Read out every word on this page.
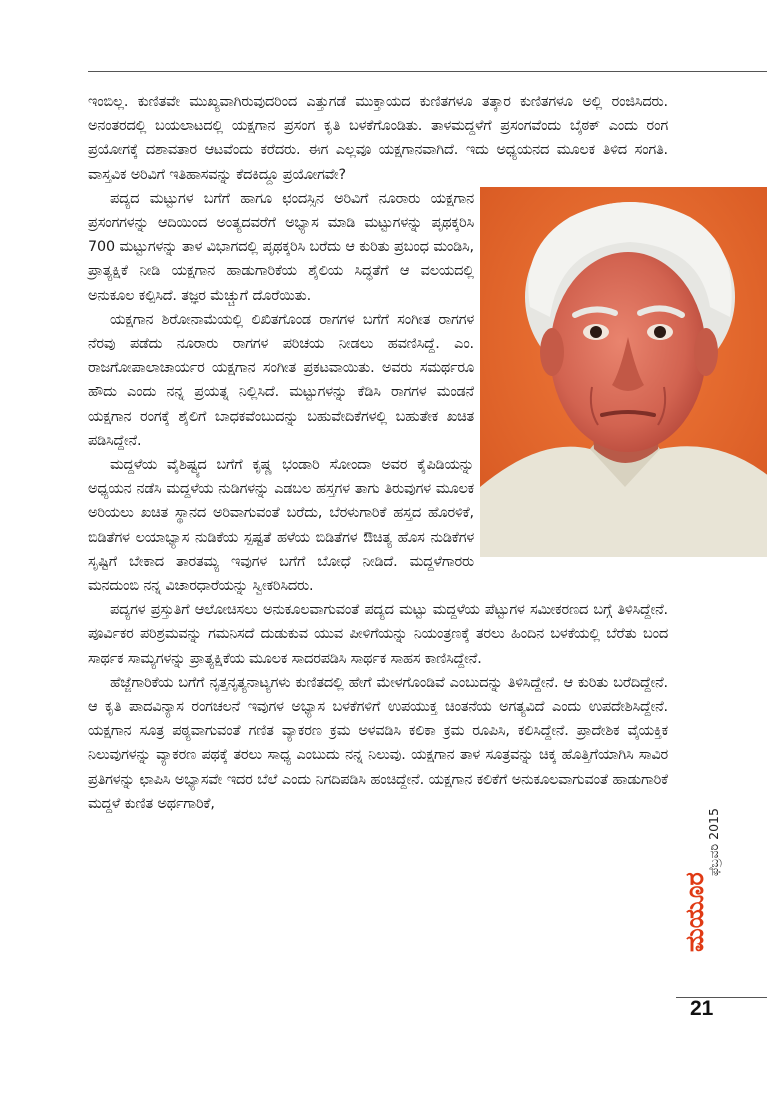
ಇಂಬಿಲ್ಲ. ಕುಣಿತವೇ ಮುಖ್ಯವಾಗಿರುವುದರಿಂದ ಎತ್ತುಗಡೆ ಮುಕ್ತಾಯದ ಕುಣಿತಗಳೂ ತತ್ಕಾರ ಕುಣಿತಗಳೂ ಅಲ್ಲಿ ರಂಜಿಸಿದರು. ಅನಂತರದಲ್ಲಿ ಬಯಲಾಟದಲ್ಲಿ ಯಕ್ಷಗಾನ ಪ್ರಸಂಗ ಕೃತಿ ಬಳಕೆಗೊಂಡಿತು. ತಾಳಮದ್ದಳೆಗೆ ಪ್ರಸಂಗವೆಂದು ಬೈಠಕ್ ಎಂದು ರಂಗ ಪ್ರಯೋಗಕ್ಕೆ ದಶಾವತಾರ ಆಟವೆಂದು ಕರೆದರು. ಈಗ ಎಲ್ಲವೂ ಯಕ್ಷಗಾನವಾಗಿದೆ. ಇದು ಅಧ್ಯಯನದ ಮೂಲಕ ತಿಳಿದ ಸಂಗತಿ. ವಾಸ್ತವಿಕ ಅರಿವಿಗೆ ಇತಿಹಾಸವನ್ನು ಕೆದಕಿದ್ದೂ ಪ್ರಯೋಗವೇ?

ಪದ್ಯದ ಮಟ್ಟುಗಳ ಬಗೆಗೆ ಹಾಗೂ ಛಂದಸ್ಸಿನ ಅರಿವಿಗೆ ನೂರಾರು ಯಕ್ಷಗಾನ ಪ್ರಸಂಗಗಳನ್ನು ಆದಿಯಿಂದ ಅಂತ್ಯದವರೆಗೆ ಅಭ್ಯಾಸ ಮಾಡಿ ಮಟ್ಟುಗಳನ್ನು ಪೃಥಕ್ಕರಿಸಿ 700 ಮಟ್ಟುಗಳನ್ನು ತಾಳ ವಿಭಾಗದಲ್ಲಿ ಪೃಥಕ್ಕರಿಸಿ ಬರೆದು ಆ ಕುರಿತು ಪ್ರಬಂಧ ಮಂಡಿಸಿ, ಪ್ರಾತ್ಯಕ್ಷಿಕೆ ನೀಡಿ ಯಕ್ಷಗಾನ ಹಾಡುಗಾರಿಕೆಯ ಶೈಲಿಯ ಸಿದ್ಧತೆಗೆ ಆ ವಲಯದಲ್ಲಿ ಅನುಕೂಲ ಕಲ್ಪಿಸಿದೆ. ತಜ್ಞರ ಮೆಚ್ಚುಗೆ ದೊರೆಯಿತು.

ಯಕ್ಷಗಾನ ಶಿರೋನಾಮೆಯಲ್ಲಿ ಲಿಖಿತಗೊಂಡ ರಾಗಗಳ ಬಗೆಗೆ ಸಂಗೀತ ರಾಗಗಳ ನೆರವು ಪಡೆದು ನೂರಾರು ರಾಗಗಳ ಪರಿಚಯ ನೀಡಲು ಹವಣಿಸಿದ್ದೆ. ಎಂ. ರಾಜಗೋಪಾಲಾಚಾರ್ಯರ ಯಕ್ಷಗಾನ ಸಂಗೀತ ಪ್ರಕಟವಾಯಿತು. ಅವರು ಸಮರ್ಥರೂ ಹೌದು ಎಂದು ನನ್ನ ಪ್ರಯತ್ನ ನಿಲ್ಲಿಸಿದೆ. ಮಟ್ಟುಗಳನ್ನು ಕೆಡಿಸಿ ರಾಗಗಳ ಮಂಡನೆ ಯಕ್ಷಗಾನ ರಂಗಕ್ಕೆ ಶೈಲಿಗೆ ಬಾಧಕವೆಂಬುದನ್ನು ಬಹುವೇದಿಕೆಗಳಲ್ಲಿ ಬಹುತೇಕ ಖಚಿತ ಪಡಿಸಿದ್ದೇನೆ.

ಮದ್ದಳೆಯ ವೈಶಿಷ್ಟ್ಯದ ಬಗೆಗೆ ಕೃಷ್ಣ ಭಂಡಾರಿ ಸೋಂದಾ ಅವರ ಕೈಪಿಡಿಯನ್ನು ಅಧ್ಯಯನ ನಡೆಸಿ ಮದ್ದಳೆಯ ನುಡಿಗಳನ್ನು ಎಡಬಲ ಹಸ್ತಗಳ ತಾಗು ತಿರುವುಗಳ ಮೂಲಕ ಅರಿಯಲು ಖಚಿತ ಸ್ಥಾನದ ಅರಿವಾಗುವಂತೆ ಬರೆದು, ಬೆರಳುಗಾರಿಕೆ ಹಸ್ತದ ಹೊರಳಿಕೆ, ಬಿಡಿತೆಗಳ ಲಯಾಭ್ಯಾಸ ನುಡಿಕೆಯ ಸ್ಪಷ್ಟತೆ ಹಳೆಯ ಬಿಡಿತೆಗಳ ಔಚಿತ್ಯ ಹೊಸ ನುಡಿಕೆಗಳ ಸೃಷ್ಟಿಗೆ ಬೇಕಾದ ತಾರತಮ್ಯ ಇವುಗಳ ಬಗೆಗೆ ಬೋಧೆ ನೀಡಿದೆ. ಮದ್ದಳೆಗಾರರು ಮನದುಂಬಿ ನನ್ನ ವಿಚಾರಧಾರೆಯನ್ನು ಸ್ವೀಕರಿಸಿದರು.

ಪದ್ಯಗಳ ಪ್ರಸ್ತುತಿಗೆ ಆಲೋಚಿಸಲು ಅನುಕೂಲವಾಗುವಂತೆ ಪದ್ಯದ ಮಟ್ಟು ಮದ್ದಳೆಯ ಪೆಟ್ಟುಗಳ ಸಮೀಕರಣದ ಬಗ್ಗೆ ತಿಳಿಸಿದ್ದೇನೆ. ಪೂರ್ವಿಕರ ಪರಿಶ್ರಮವನ್ನು ಗಮನಿಸದೆ ದುಡುಕುವ ಯುವ ಪೀಳಿಗೆಯನ್ನು ನಿಯಂತ್ರಣಕ್ಕೆ ತರಲು ಹಿಂದಿನ ಬಳಕೆಯಲ್ಲಿ ಬೆರೆತು ಬಂದ ಸಾರ್ಥಕ ಸಾಮ್ಯಗಳನ್ನು ಪ್ರಾತ್ಯಕ್ಷಿಕೆಯ ಮೂಲಕ ಸಾದರಪಡಿಸಿ ಸಾರ್ಥಕ ಸಾಹಸ ಕಾಣಿಸಿದ್ದೇನೆ.

ಹೆಜ್ಜೆಗಾರಿಕೆಯ ಬಗೆಗೆ ನೃತ್ತನೃತ್ಯನಾಟ್ಯಗಳು ಕುಣಿತದಲ್ಲಿ ಹೇಗೆ ಮೇಳಗೊಂಡಿವೆ ಎಂಬುದನ್ನು ತಿಳಿಸಿದ್ದೇನೆ. ಆ ಕುರಿತು ಬರೆದಿದ್ದೇನೆ. ಆ ಕೃತಿ ಪಾದವಿನ್ಯಾಸ ರಂಗಚಲನೆ ಇವುಗಳ ಅಭ್ಯಾಸ ಬಳಕೆಗಳಿಗೆ ಉಪಯುಕ್ತ ಚಿಂತನೆಯ ಅಗತ್ಯವಿದೆ ಎಂದು ಉಪದೇಶಿಸಿದ್ದೇನೆ. ಯಕ್ಷಗಾನ ಸೂತ್ರ ಪಠ್ಯವಾಗುವಂತೆ ಗಣಿತ ವ್ಯಾಕರಣ ಕ್ರಮ ಅಳವಡಿಸಿ ಕಲಿಕಾ ಕ್ರಮ ರೂಪಿಸಿ, ಕಲಿಸಿದ್ದೇನೆ. ಪ್ರಾದೇಶಿಕ ವೈಯಕ್ತಿಕ ನಿಲುವುಗಳನ್ನು ವ್ಯಾಕರಣ ಪಥಕ್ಕೆ ತರಲು ಸಾಧ್ಯ ಎಂಬುದು ನನ್ನ ನಿಲುವು. ಯಕ್ಷಗಾನ ತಾಳ ಸೂತ್ರವನ್ನು ಚಿಕ್ಕ ಹೊತ್ತಿಗೆಯಾಗಿಸಿ ಸಾವಿರ ಪ್ರತಿಗಳನ್ನು ಛಾಪಿಸಿ ಅಭ್ಯಾಸವೇ ಇದರ ಬೆಲೆ ಎಂದು ನಿಗದಿಪಡಿಸಿ ಹಂಚಿದ್ದೇನೆ. ಯಕ್ಷಗಾನ ಕಲಿಕೆಗೆ ಅನುಕೂಲವಾಗುವಂತೆ ಹಾಡುಗಾರಿಕೆ ಮದ್ದಳೆ ಕುಣಿತ ಅರ್ಥಗಾರಿಕೆ,

ಮಯೂರ
ಫೆಬ್ರವರಿ 2015
21
